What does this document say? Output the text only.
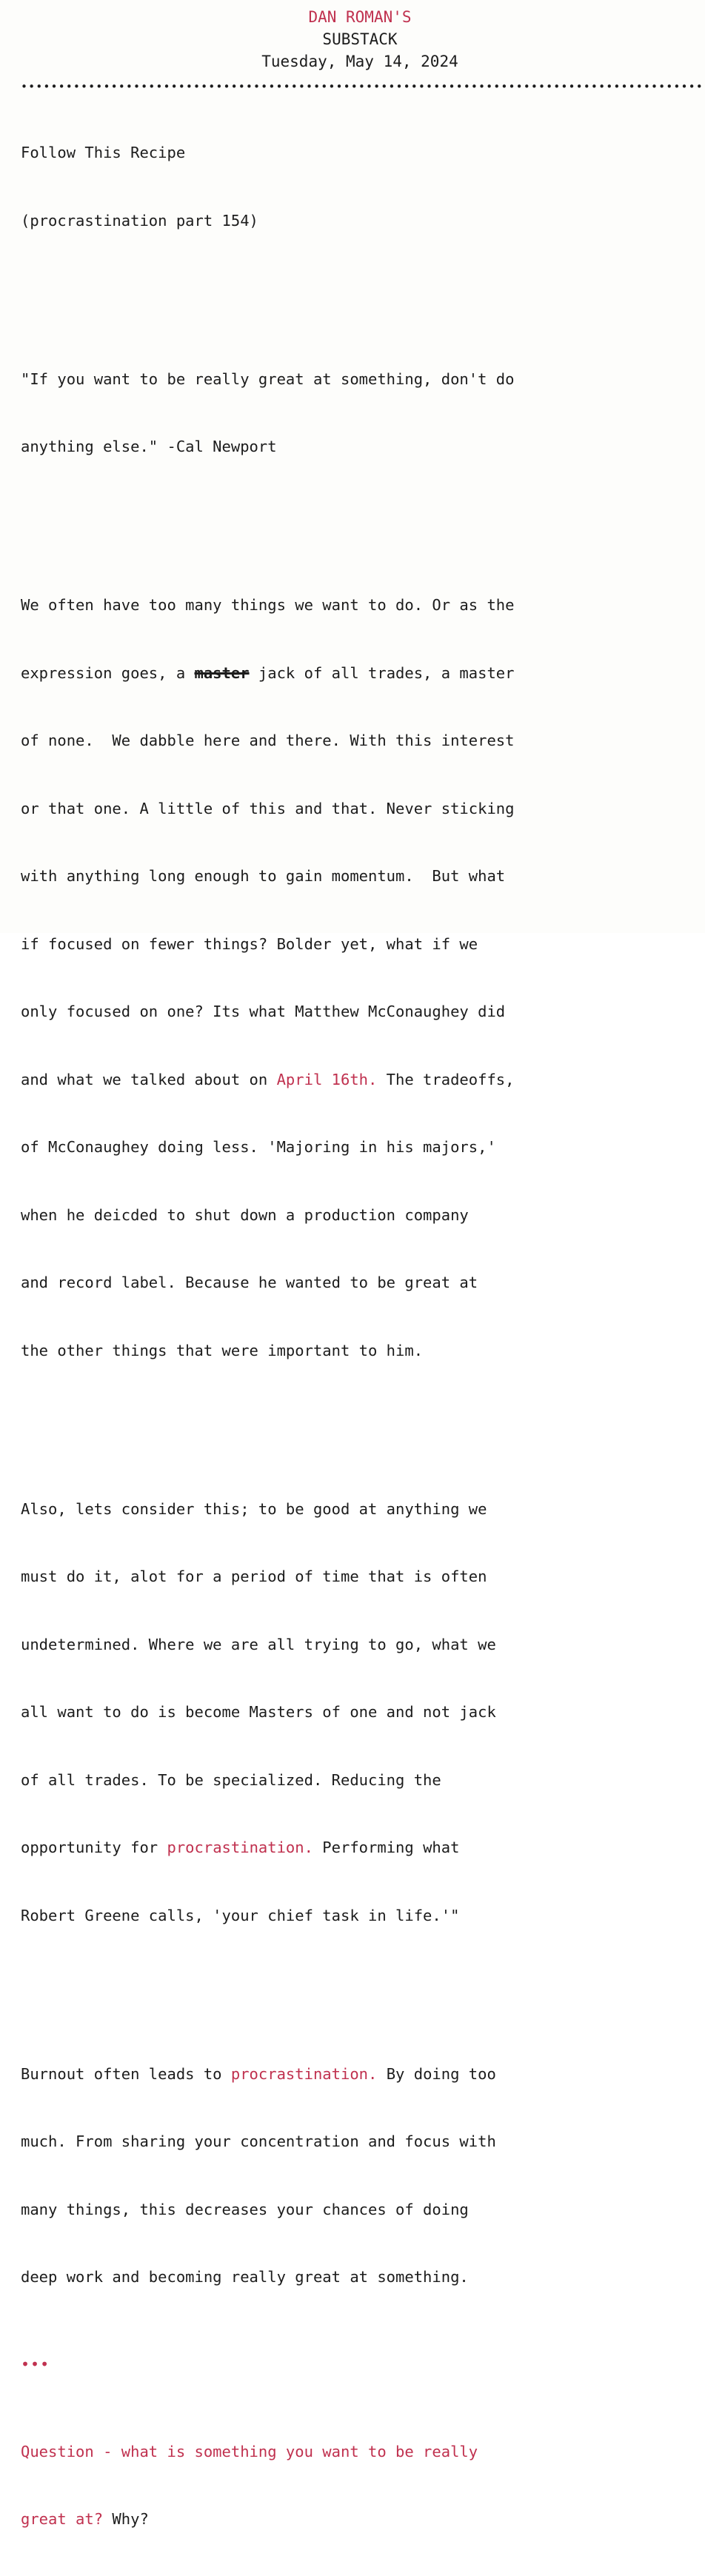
DAN ROMAN'S
SUBSTACK
Tuesday, May 14, 2024
•••••••••••••••••••••••••••••••••••••••••••••••••••••••••••••••••••••••••••••••••••••••••••

Follow This Recipe

(procrastination part 154)

"If you want to be really great at something, don't do

anything else." -Cal Newport

We often have too many things we want to do. Or as the

expression goes, a master jack of all trades, a master

of none.  We dabble here and there. With this interest

or that one. A little of this and that. Never sticking

with anything long enough to gain momentum.  But what

if focused on fewer things? Bolder yet, what if we

only focused on one? Its what Matthew McConaughey did

and what we talked about on April 16th. The tradeoffs,

of McConaughey doing less. 'Majoring in his majors,'

when he deicded to shut down a production company

and record label. Because he wanted to be great at

the other things that were important to him.

Also, lets consider this; to be good at anything we

must do it, alot for a period of time that is often

undetermined. Where we are all trying to go, what we

all want to do is become Masters of one and not jack

of all trades. To be specialized. Reducing the

opportunity for procrastination. Performing what

Robert Greene calls, 'your chief task in life.'"

Burnout often leads to procrastination. By doing too

much. From sharing your concentration and focus with

many things, this decreases your chances of doing

deep work and becoming really great at something.

•••

Question - what is something you want to be really

great at? Why?
